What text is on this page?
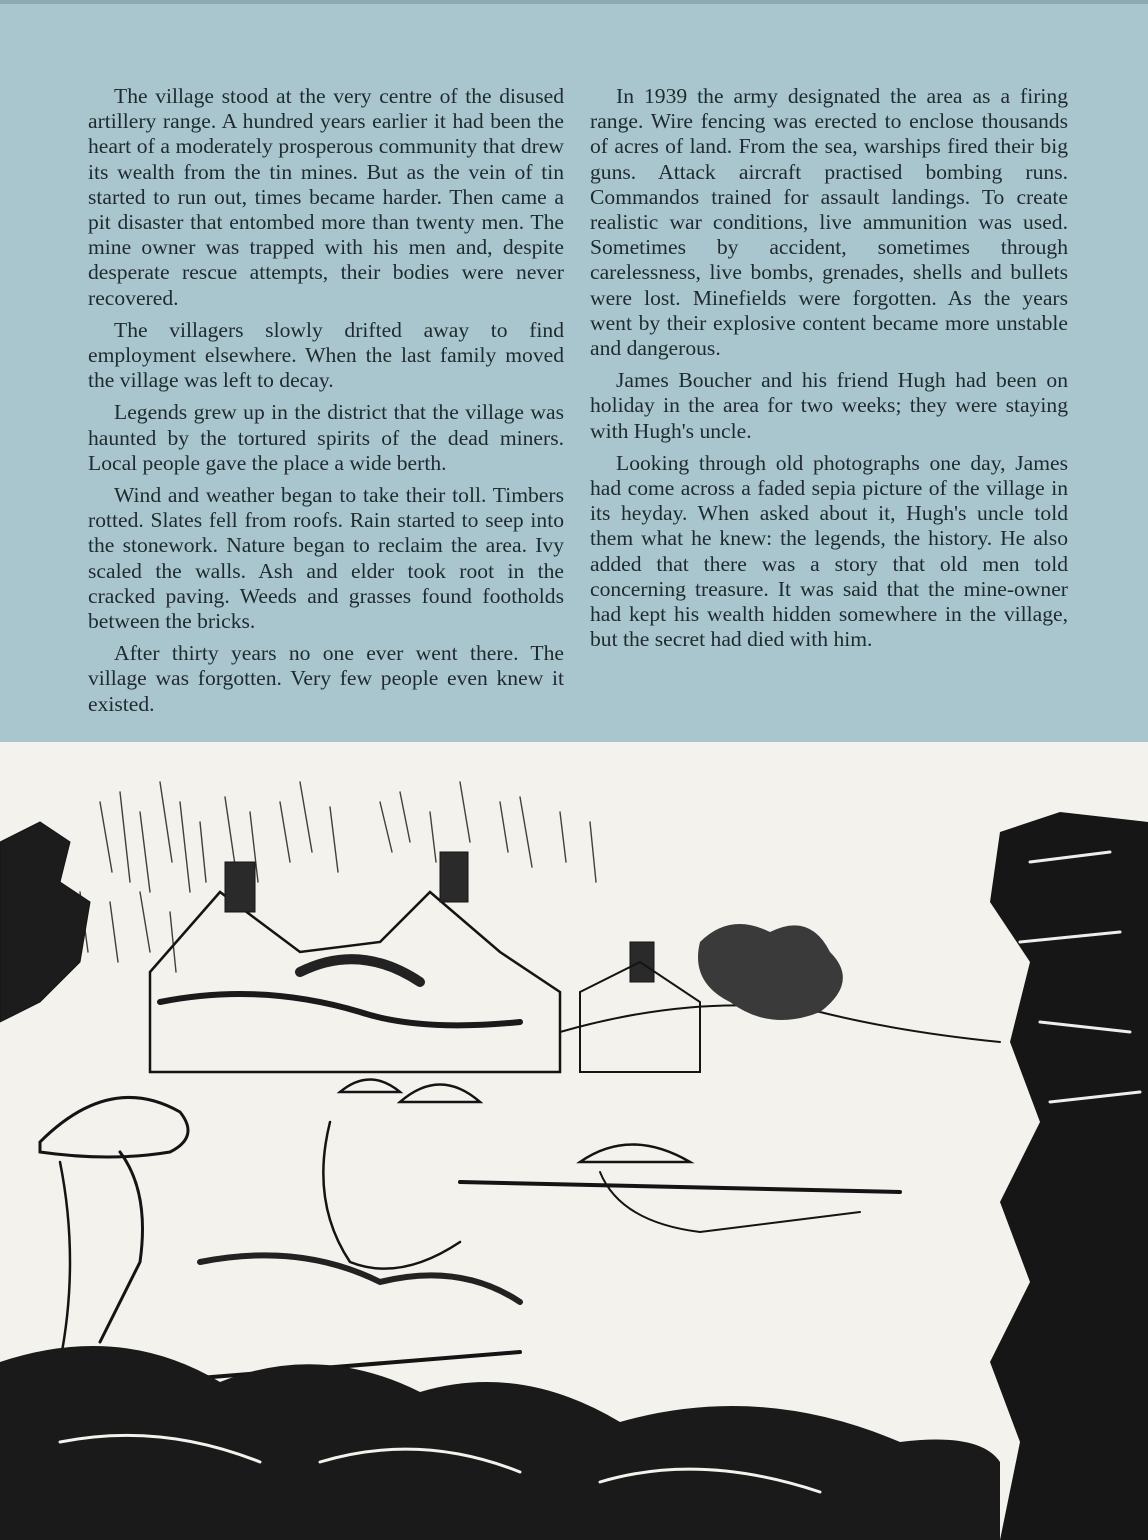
The village stood at the very centre of the disused artillery range. A hundred years earlier it had been the heart of a moderately prosperous community that drew its wealth from the tin mines. But as the vein of tin started to run out, times became harder. Then came a pit disaster that entombed more than twenty men. The mine owner was trapped with his men and, despite desperate rescue attempts, their bodies were never recovered.

The villagers slowly drifted away to find employment elsewhere. When the last family moved the village was left to decay.

Legends grew up in the district that the village was haunted by the tortured spirits of the dead miners. Local people gave the place a wide berth.

Wind and weather began to take their toll. Timbers rotted. Slates fell from roofs. Rain started to seep into the stonework. Nature began to reclaim the area. Ivy scaled the walls. Ash and elder took root in the cracked paving. Weeds and grasses found footholds between the bricks.

After thirty years no one ever went there. The village was forgotten. Very few people even knew it existed.

In 1939 the army designated the area as a firing range. Wire fencing was erected to enclose thousands of acres of land. From the sea, warships fired their big guns. Attack aircraft practised bombing runs. Commandos trained for assault landings. To create realistic war conditions, live ammunition was used. Sometimes by accident, sometimes through carelessness, live bombs, grenades, shells and bullets were lost. Minefields were forgotten. As the years went by their explosive content became more unstable and dangerous.

James Boucher and his friend Hugh had been on holiday in the area for two weeks; they were staying with Hugh's uncle.

Looking through old photographs one day, James had come across a faded sepia picture of the village in its heyday. When asked about it, Hugh's uncle told them what he knew: the legends, the history. He also added that there was a story that old men told concerning treasure. It was said that the mine-owner had kept his wealth hidden somewhere in the village, but the secret had died with him.
